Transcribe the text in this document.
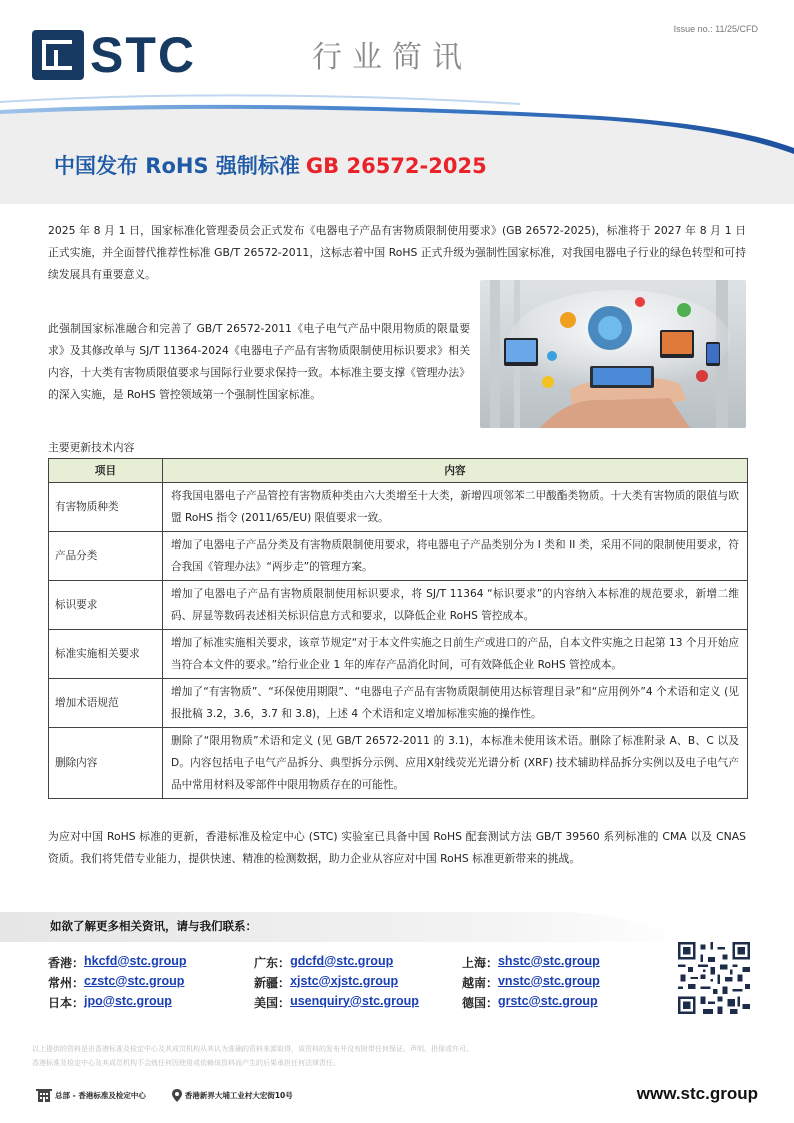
Issue no.: 11/25/CFD
STC	行业简讯
中国发布 RoHS 强制标准 GB 26572-2025
2025 年 8 月 1 日，国家标准化管理委员会正式发布《电器电子产品有害物质限制使用要求》(GB 26572-2025)，标准将于 2027 年 8 月 1 日正式实施，并全面替代推荐性标准 GB/T 26572-2011，这标志着中国 RoHS 正式升级为强制性国家标准，对我国电器电子行业的绿色转型和可持续发展具有重要意义。
此强制国家标准融合和完善了 GB/T 26572-2011《电子电气产品中限用物质的限量要求》及其修改单与 SJ/T 11364-2024《电器电子产品有害物质限制使用标识要求》相关内容，十大类有害物质限值要求与国际行业要求保持一致。本标准主要支撑《管理办法》的深入实施，是 RoHS 管控领域第一个强制性国家标准。
主要更新技术内容
项目	内容
有害物质种类	将我国电器电子产品管控有害物质种类由六大类增至十大类，新增四项邻苯二甲酸酯类物质。十大类有害物质的限值与欧盟 RoHS 指令 (2011/65/EU) 限值要求一致。
产品分类	增加了电器电子产品分类及有害物质限制使用要求，将电器电子产品类别分为 I 类和 II 类，采用不同的限制使用要求，符合我国《管理办法》“两步走”的管理方案。
标识要求	增加了电器电子产品有害物质限制使用标识要求，将 SJ/T 11364 “标识要求”的内容纳入本标准的规范要求，新增二维码、屏显等数码表述相关标识信息方式和要求，以降低企业 RoHS 管控成本。
标准实施相关要求	增加了标准实施相关要求，该章节规定“对于本文件实施之日前生产或进口的产品，自本文件实施之日起第 13 个月开始应当符合本文件的要求。”给行业企业 1 年的库存产品消化时间，可有效降低企业 RoHS 管控成本。
增加术语规范	增加了“有害物质”、“环保使用期限”、“电器电子产品有害物质限制使用达标管理目录”和“应用例外”4 个术语和定义 (见报批稿 3.2，3.6，3.7 和 3.8)，上述 4 个术语和定义增加标准实施的操作性。
删除内容	删除了“限用物质”术语和定义 (见 GB/T 26572-2011 的 3.1)，本标准未使用该术语。删除了标准附录 A、B、C 以及 D。内容包括电子电气产品拆分、典型拆分示例、应用X射线荧光光谱分析 (XRF) 技术辅助样品拆分实例以及电子电气产品中常用材料及零部件中限用物质存在的可能性。
为应对中国 RoHS 标准的更新，香港标准及检定中心 (STC) 实验室已具备中国 RoHS 配套测试方法 GB/T 39560 系列标准的 CMA 以及 CNAS 资质。我们将凭借专业能力，提供快速、精准的检测数据，助力企业从容应对中国 RoHS 标准更新带来的挑战。
如欲了解更多相关资讯，请与我们联系：
香港： hkcfd@stc.group	广东： gdcfd@stc.group	上海： shstc@stc.group
常州： czstc@stc.group	新疆： xjstc@xjstc.group	越南： vnstc@stc.group
日本： jpo@stc.group	美国： usenquiry@stc.group	德国： grstc@stc.group
以上提供的资料是由香港标准及检定中心及其成员机构从其认为准确的资料来源取得，该资料的发布并没有附带任何保证、声明、担保或许可。
香港标准及检定中心及其成员机构不会就任何因使用或依赖该资料而产生的后果承担任何法律责任。
总部 - 香港标准及检定中心	香港新界大埔工业村大宏街10号	www.stc.group
